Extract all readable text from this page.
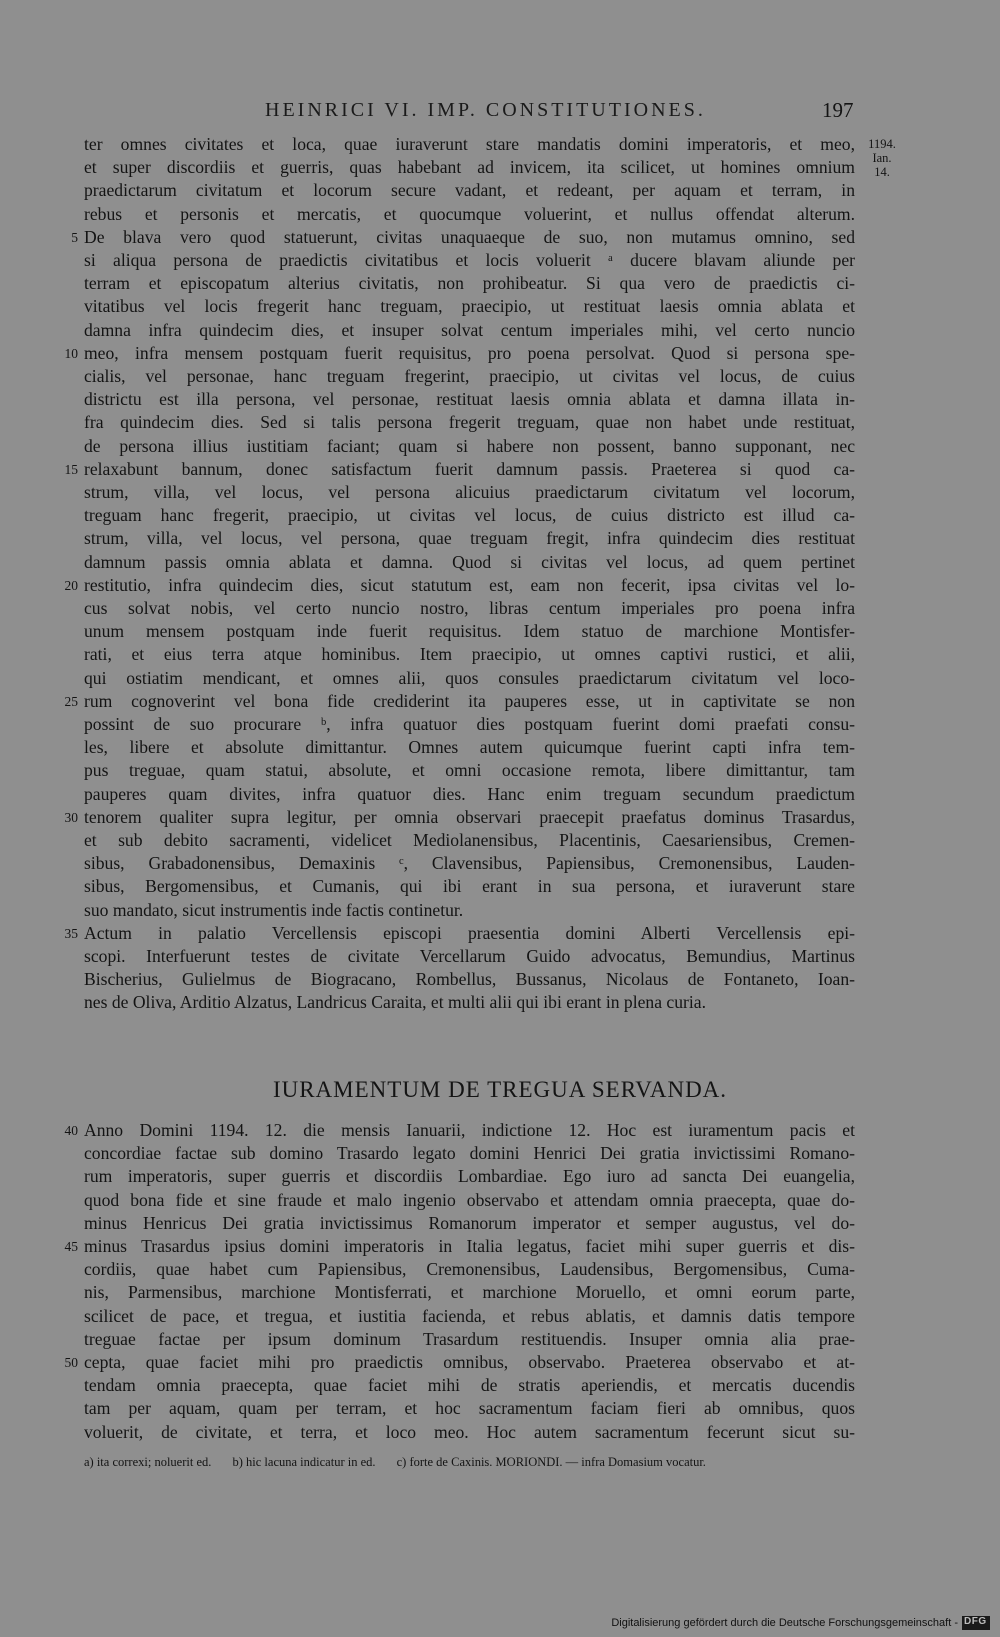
HEINRICI VI. IMP. CONSTITUTIONES.	197
1194.
Ian.
14.
ter omnes civitates et loca, quae iuraverunt stare mandatis domini imperatoris, et meo,
et super discordiis et guerris, quas habebant ad invicem, ita scilicet, ut homines omnium
praedictarum civitatum et locorum secure vadant, et redeant, per aquam et terram, in
rebus et personis et mercatis, et quocumque voluerint, et nullus offendat alterum.
De blava vero quod statuerunt, civitas unaquaeque de suo, non mutamus omnino, sed
si aliqua persona de praedictis civitatibus et locis voluerit ᵃ ducere blavam aliunde per
terram et episcopatum alterius civitatis, non prohibeatur. Si qua vero de praedictis ci-
vitatibus vel locis fregerit hanc treguam, praecipio, ut restituat laesis omnia ablata et
damna infra quindecim dies, et insuper solvat centum imperiales mihi, vel certo nuncio
meo, infra mensem postquam fuerit requisitus, pro poena persolvat. Quod si persona spe-
cialis, vel personae, hanc treguam fregerint, praecipio, ut civitas vel locus, de cuius
districtu est illa persona, vel personae, restituat laesis omnia ablata et damna illata in-
fra quindecim dies. Sed si talis persona fregerit treguam, quae non habet unde restituat,
de persona illius iustitiam faciant; quam si habere non possent, banno supponant, nec
relaxabunt bannum, donec satisfactum fuerit damnum passis. Praeterea si quod ca-
strum, villa, vel locus, vel persona alicuius praedictarum civitatum vel locorum,
treguam hanc fregerit, praecipio, ut civitas vel locus, de cuius districto est illud ca-
strum, villa, vel locus, vel persona, quae treguam fregit, infra quindecim dies restituat
damnum passis omnia ablata et damna. Quod si civitas vel locus, ad quem pertinet
restitutio, infra quindecim dies, sicut statutum est, eam non fecerit, ipsa civitas vel lo-
cus solvat nobis, vel certo nuncio nostro, libras centum imperiales pro poena infra
unum mensem postquam inde fuerit requisitus. Idem statuo de marchione Montisfer-
rati, et eius terra atque hominibus. Item praecipio, ut omnes captivi rustici, et alii,
qui ostiatim mendicant, et omnes alii, quos consules praedictarum civitatum vel loco-
rum cognoverint vel bona fide crediderint ita pauperes esse, ut in captivitate se non
possint de suo procurare ᵇ, infra quatuor dies postquam fuerint domi praefati consu-
les, libere et absolute dimittantur. Omnes autem quicumque fuerint capti infra tem-
pus treguae, quam statui, absolute, et omni occasione remota, libere dimittantur, tam
pauperes quam divites, infra quatuor dies. Hanc enim treguam secundum praedictum
tenorem qualiter supra legitur, per omnia observari praecepit praefatus dominus Trasardus,
et sub debito sacramenti, videlicet Mediolanensibus, Placentinis, Caesariensibus, Cremen-
sibus, Grabadonensibus, Demaxinis ᶜ, Clavensibus, Papiensibus, Cremonensibus, Lauden-
sibus, Bergomensibus, et Cumanis, qui ibi erant in sua persona, et iuraverunt stare
suo mandato, sicut instrumentis inde factis continetur.
Actum in palatio Vercellensis episcopi praesentia domini Alberti Vercellensis epi-
scopi. Interfuerunt testes de civitate Vercellarum Guido advocatus, Bemundius, Martinus
Bischerius, Gulielmus de Biogracano, Rombellus, Bussanus, Nicolaus de Fontaneto, Ioan-
nes de Oliva, Arditio Alzatus, Landricus Caraita, et multi alii qui ibi erant in plena curia.
5
10
15
20
25
30
35
IURAMENTUM DE TREGUA SERVANDA.
Anno Domini 1194. 12. die mensis Ianuarii, indictione 12. Hoc est iuramentum pacis et
concordiae factae sub domino Trasardo legato domini Henrici Dei gratia invictissimi Romano-
rum imperatoris, super guerris et discordiis Lombardiae. Ego iuro ad sancta Dei euangelia,
quod bona fide et sine fraude et malo ingenio observabo et attendam omnia praecepta, quae do-
minus Henricus Dei gratia invictissimus Romanorum imperator et semper augustus, vel do-
minus Trasardus ipsius domini imperatoris in Italia legatus, faciet mihi super guerris et dis-
cordiis, quae habet cum Papiensibus, Cremonensibus, Laudensibus, Bergomensibus, Cuma-
nis, Parmensibus, marchione Montisferrati, et marchione Moruello, et omni eorum parte,
scilicet de pace, et tregua, et iustitia facienda, et rebus ablatis, et damnis datis tempore
treguae factae per ipsum dominum Trasardum restituendis. Insuper omnia alia prae-
cepta, quae faciet mihi pro praedictis omnibus, observabo. Praeterea observabo et at-
tendam omnia praecepta, quae faciet mihi de stratis aperiendis, et mercatis ducendis
tam per aquam, quam per terram, et hoc sacramentum faciam fieri ab omnibus, quos
voluerit, de civitate, et terra, et loco meo. Hoc autem sacramentum fecerunt sicut su-
40
45
50
a) ita correxi; noluerit ed. b) hic lacuna indicatur in ed. c) forte de Caxinis. MORIONDI. — infra Domasium vocatur.
Digitalisierung gefördert durch die Deutsche Forschungsgemeinschaft -
DFG
